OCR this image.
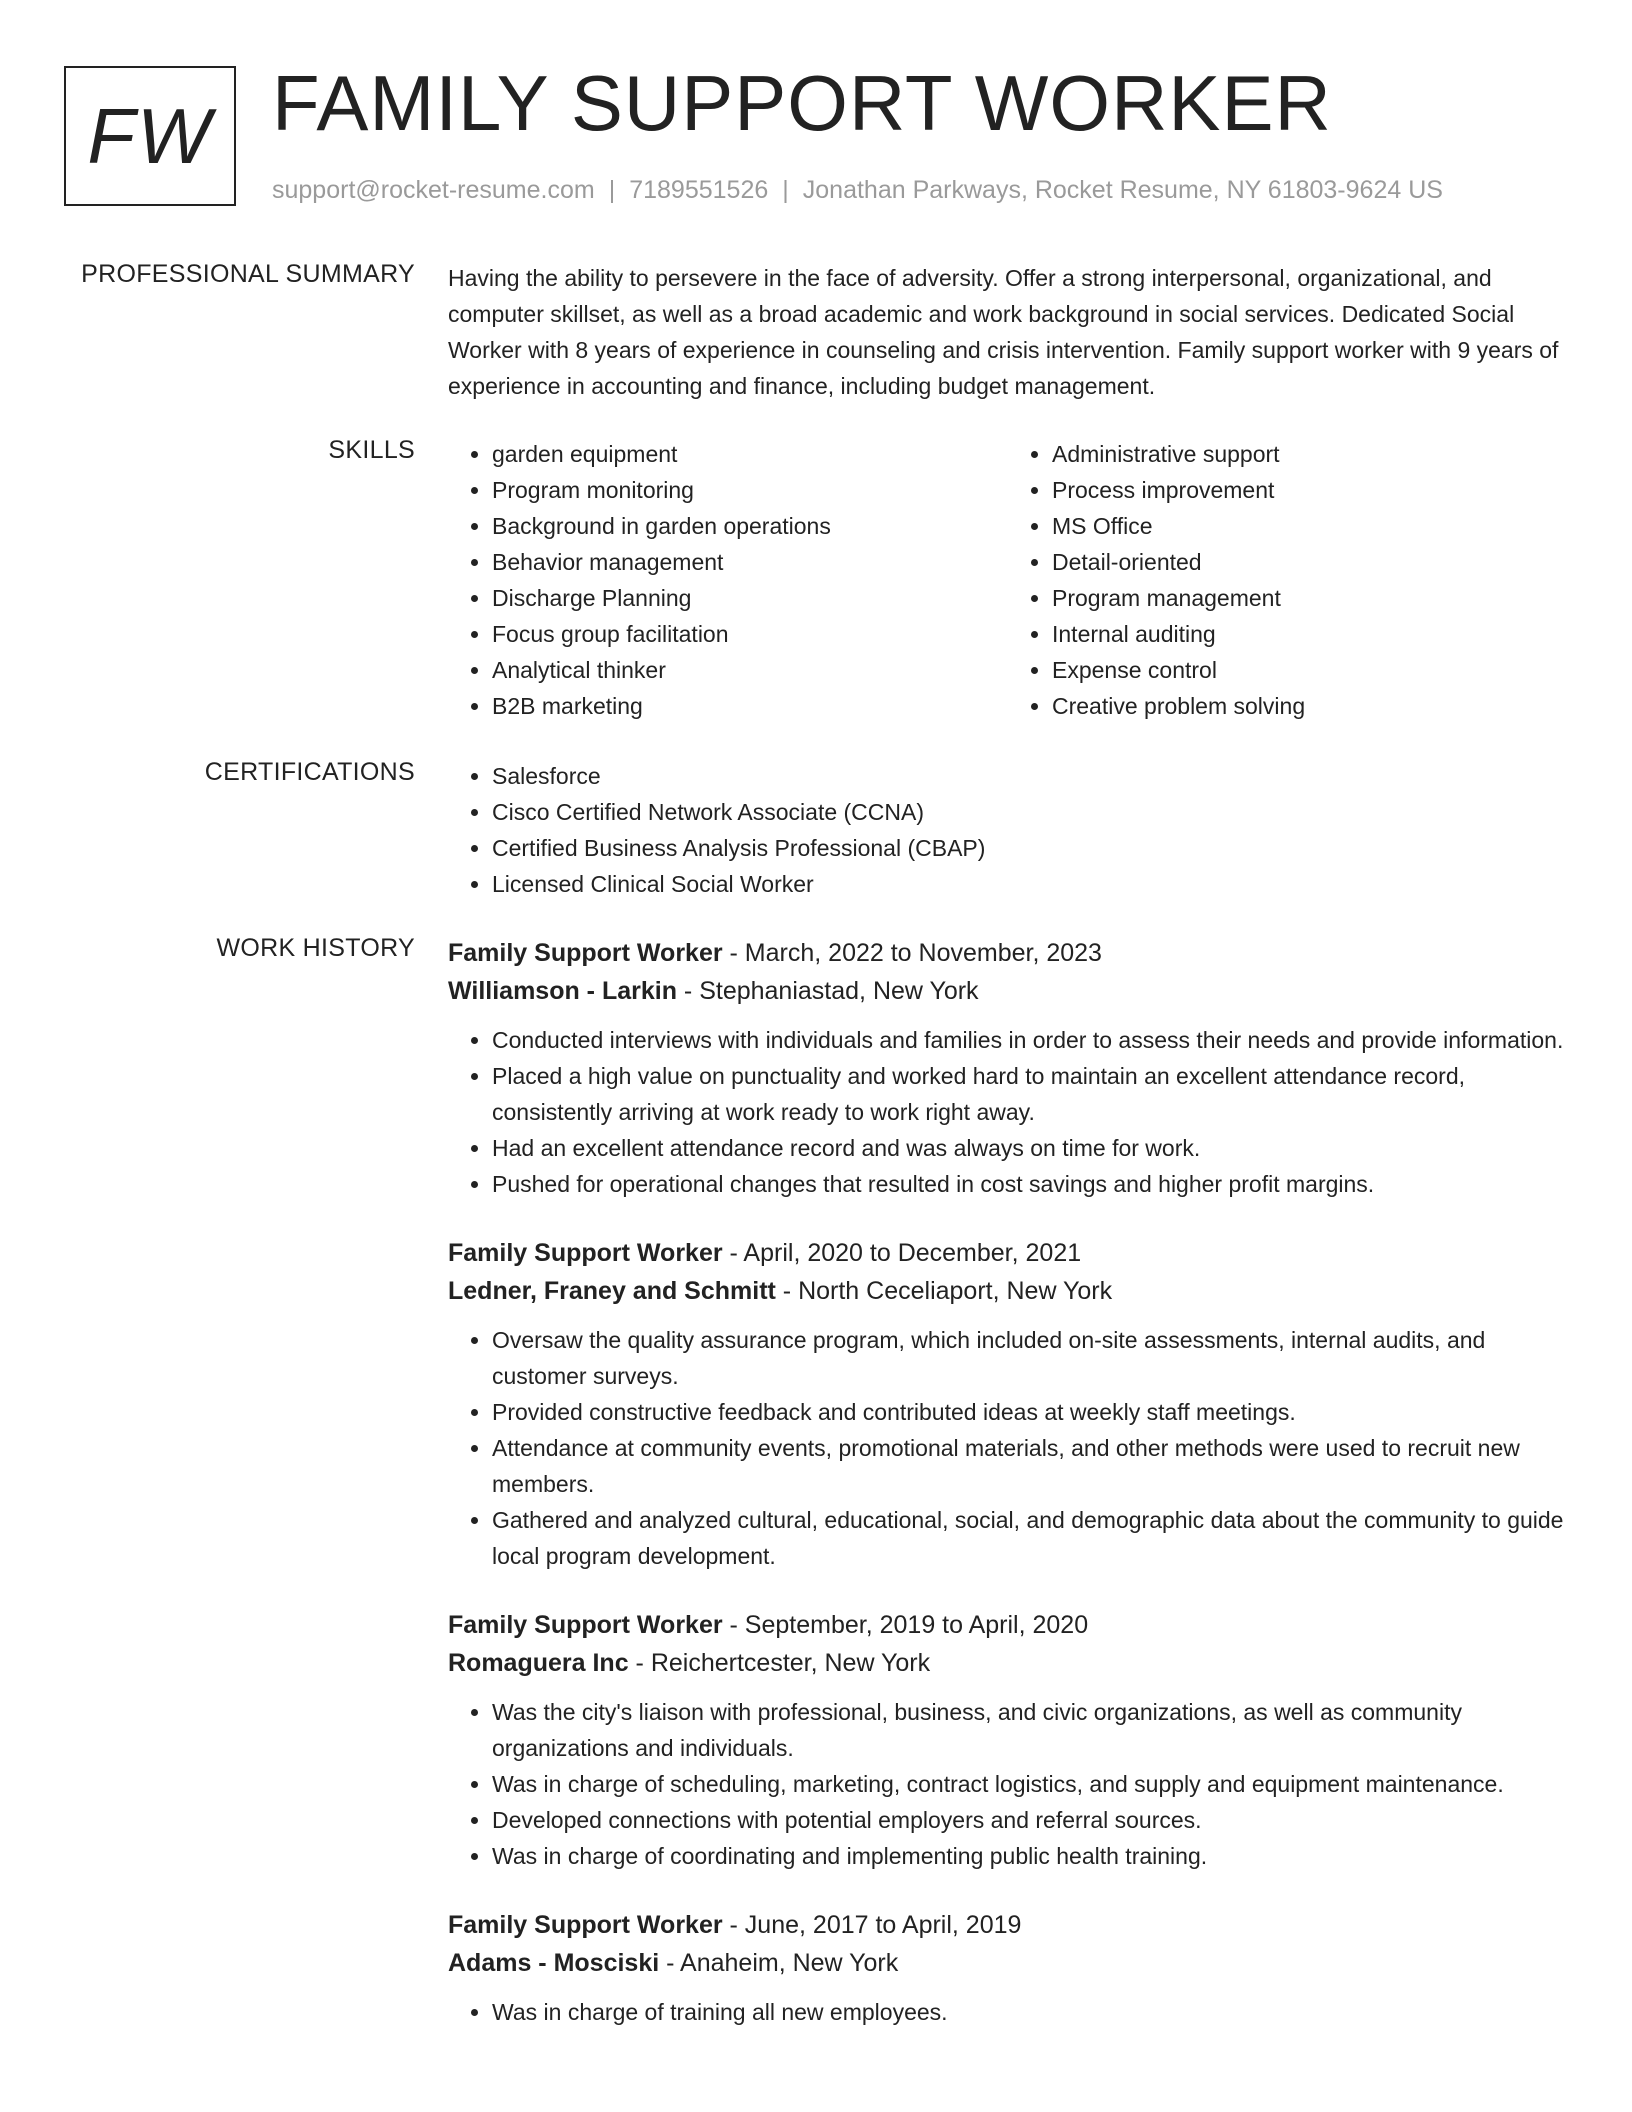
FW FAMILY SUPPORT WORKER
support@rocket-resume.com | 7189551526 | Jonathan Parkways, Rocket Resume, NY 61803-9624 US
PROFESSIONAL SUMMARY Having the ability to persevere in the face of adversity. Offer a strong interpersonal, organizational, and computer skillset, as well as a broad academic and work background in social services. Dedicated Social Worker with 8 years of experience in counseling and crisis intervention. Family support worker with 9 years of experience in accounting and finance, including budget management.

SKILLS	• garden equipment
• Program monitoring
• Background in garden operations
• Behavior management
• Discharge Planning
• Focus group facilitation
• Analytical thinker
• B2B marketing
• Administrative support
• Process improvement
• MS Office
• Detail-oriented
• Program management
• Internal auditing
• Expense control
• Creative problem solving
CERTIFICATIONS	• Salesforce
• Cisco Certified Network Associate (CCNA)
• Certified Business Analysis Professional (CBAP)
• Licensed Clinical Social Worker
WORK HISTORY Family Support Worker - March, 2022 to November, 2023
Williamson - Larkin - Stephaniastad, New York
• Conducted interviews with individuals and families in order to assess their needs and provide information.
• Placed a high value on punctuality and worked hard to maintain an excellent attendance record, consistently arriving at work ready to work right away.
• Had an excellent attendance record and was always on time for work.
• Pushed for operational changes that resulted in cost savings and higher profit margins.
Family Support Worker - April, 2020 to December, 2021
Ledner, Franey and Schmitt - North Ceceliaport, New York
• Oversaw the quality assurance program, which included on-site assessments, internal audits, and customer surveys.
• Provided constructive feedback and contributed ideas at weekly staff meetings.
• Attendance at community events, promotional materials, and other methods were used to recruit new members.
• Gathered and analyzed cultural, educational, social, and demographic data about the community to guide local program development.
Family Support Worker - September, 2019 to April, 2020
Romaguera Inc - Reichertcester, New York
• Was the city's liaison with professional, business, and civic organizations, as well as community organizations and individuals.
• Was in charge of scheduling, marketing, contract logistics, and supply and equipment maintenance.
• Developed connections with potential employers and referral sources.
• Was in charge of coordinating and implementing public health training.
Family Support Worker - June, 2017 to April, 2019
Adams - Mosciski - Anaheim, New York
• Was in charge of training all new employees.
